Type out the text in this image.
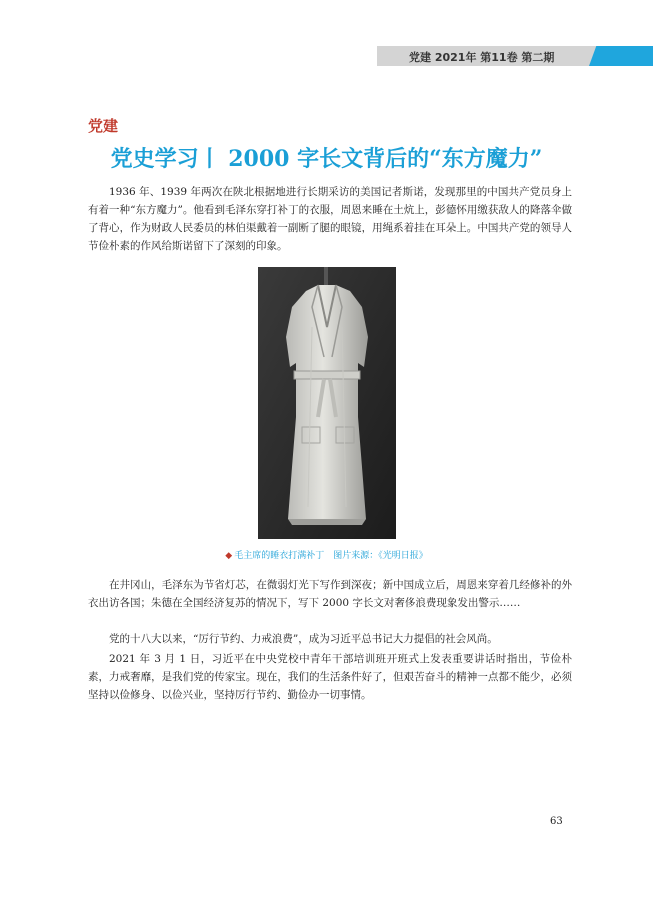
党建 2021年 第11卷 第二期
党建
党史学习丨 2000 字长文背后的“东方魔力”

1936 年、1939 年两次在陕北根据地进行长期采访的美国记者斯诺，发现那里的中国共产党员身上有着一种“东方魔力”。他看到毛泽东穿打补丁的衣服，周恩来睡在土炕上，彭德怀用缴获敌人的降落伞做了背心，作为财政人民委员的林伯渠戴着一副断了腿的眼镜，用绳系着挂在耳朵上。中国共产党的领导人节俭朴素的作风给斯诺留下了深刻的印象。

◆ 毛主席的睡衣打满补丁　图片来源：《光明日报》

在井冈山，毛泽东为节省灯芯，在微弱灯光下写作到深夜；新中国成立后，周恩来穿着几经修补的外衣出访各国；朱德在全国经济复苏的情况下，写下 2000 字长文对奢侈浪费现象发出警示……

党的十八大以来，“厉行节约、力戒浪费”，成为习近平总书记大力提倡的社会风尚。

2021 年 3 月 1 日，习近平在中央党校中青年干部培训班开班式上发表重要讲话时指出，节俭朴素，力戒奢靡，是我们党的传家宝。现在，我们的生活条件好了，但艰苦奋斗的精神一点都不能少，必须坚持以俭修身、以俭兴业，坚持厉行节约、勤俭办一切事情。

63
